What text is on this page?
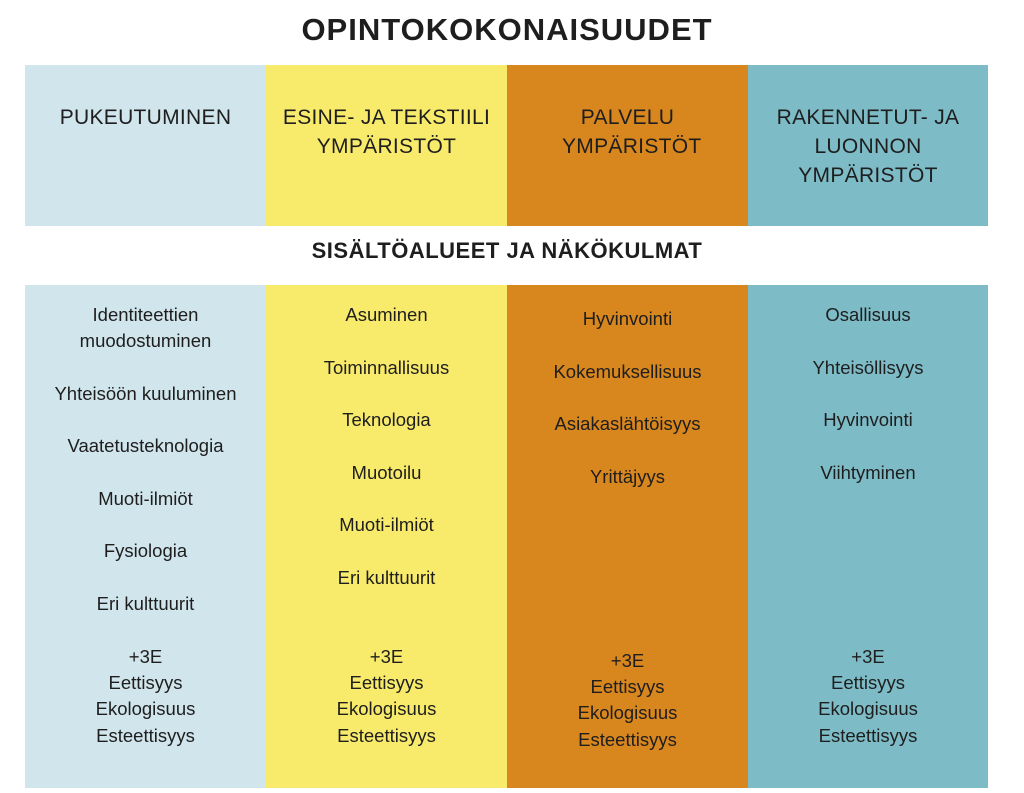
OPINTOKOKONAISUUDET
PUKEUTUMINEN	ESINE- JA TEKSTIILI YMPÄRISTÖT
PALVELU YMPÄRISTÖT
RAKENNETUT- JA LUONNON YMPÄRISTÖT
SISÄLTÖALUEET JA NÄKÖKULMAT
Identiteettien muodostuminen
Yhteisöön kuuluminen
Vaatetusteknologia
Muoti-ilmiöt
Fysiologia
Eri kulttuurit
+3E
Eettisyys
Ekologisuus
Esteettisyys
Asuminen
Toiminnallisuus
Teknologia
Muotoilu
Muoti-ilmiöt
Eri kulttuurit
+3E
Eettisyys
Ekologisuus
Esteettisyys
Hyvinvointi
Kokemuksellisuus
Asiakaslähtöisyys
Yrittäjyys
+3E
Eettisyys
Ekologisuus
Esteettisyys
Osallisuus
Yhteisöllisyys
Hyvinvointi
Viihtyminen
+3E
Eettisyys
Ekologisuus
Esteettisyys
